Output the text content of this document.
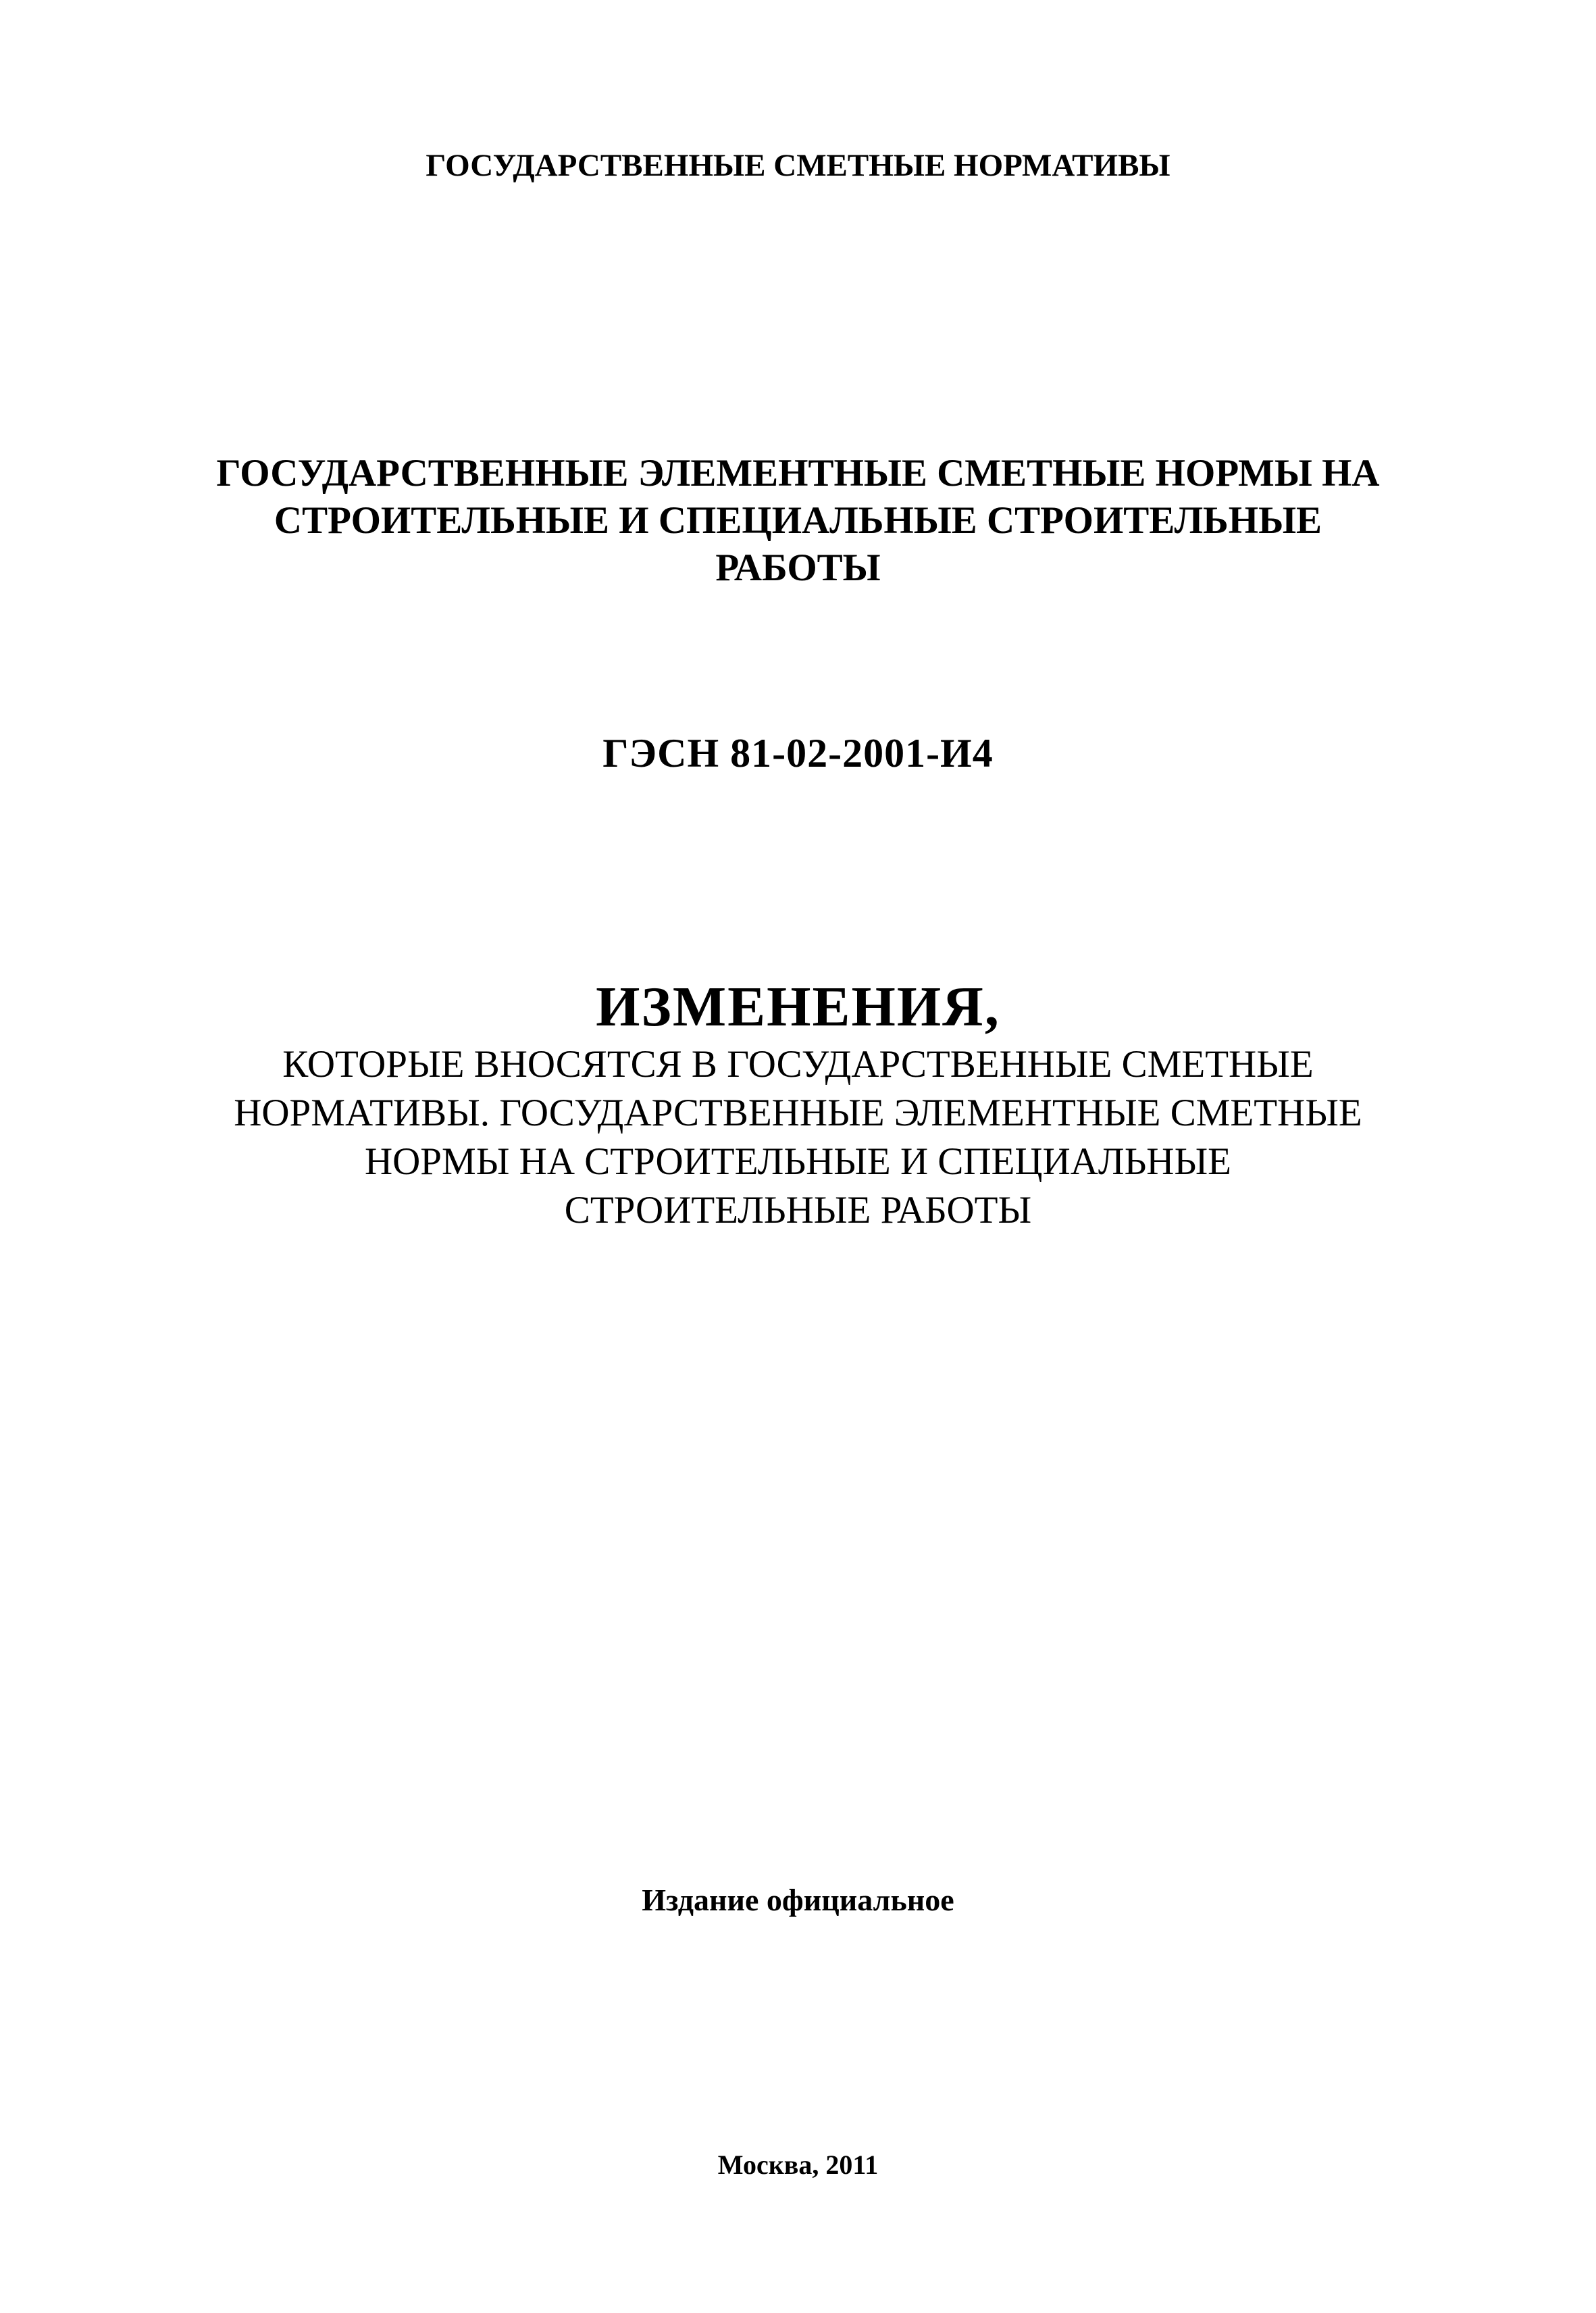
ГОСУДАРСТВЕННЫЕ СМЕТНЫЕ НОРМАТИВЫ
ГОСУДАРСТВЕННЫЕ ЭЛЕМЕНТНЫЕ СМЕТНЫЕ НОРМЫ НА
СТРОИТЕЛЬНЫЕ И СПЕЦИАЛЬНЫЕ СТРОИТЕЛЬНЫЕ
РАБОТЫ
ГЭСН 81-02-2001-И4
ИЗМЕНЕНИЯ,
КОТОРЫЕ ВНОСЯТСЯ В ГОСУДАРСТВЕННЫЕ СМЕТНЫЕ
НОРМАТИВЫ. ГОСУДАРСТВЕННЫЕ ЭЛЕМЕНТНЫЕ СМЕТНЫЕ
НОРМЫ НА СТРОИТЕЛЬНЫЕ И СПЕЦИАЛЬНЫЕ
СТРОИТЕЛЬНЫЕ РАБОТЫ
Издание официальное
Москва, 2011
